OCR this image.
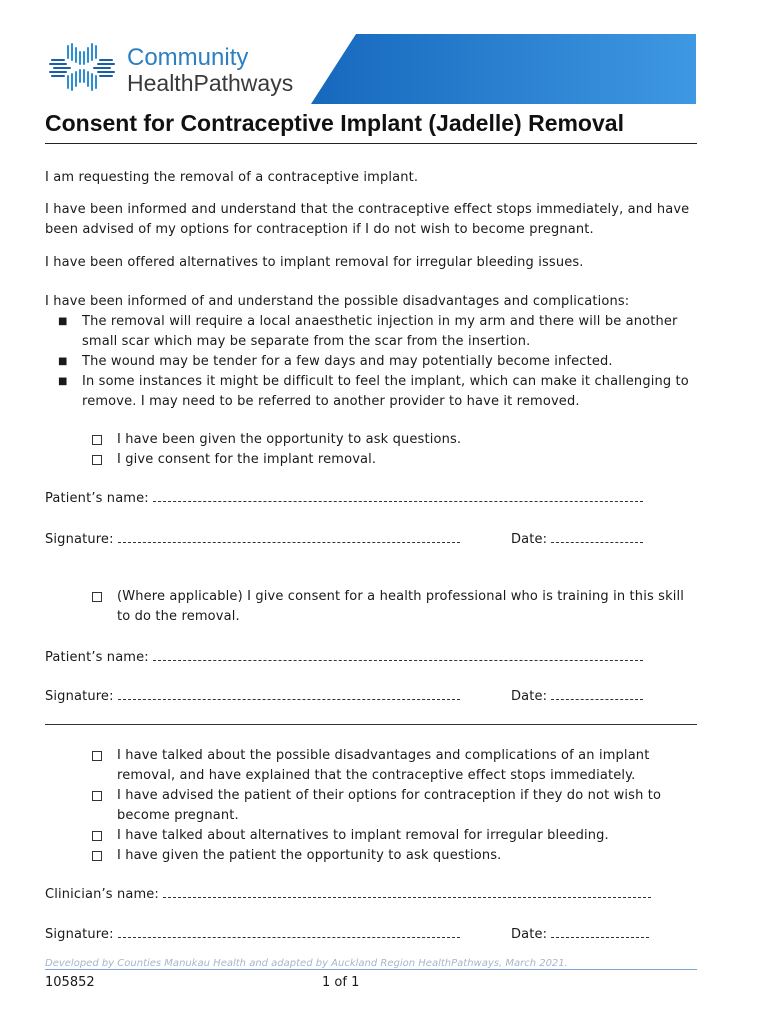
Community
HealthPathways
Consent for Contraceptive Implant (Jadelle) Removal
I am requesting the removal of a contraceptive implant.
I have been informed and understand that the contraceptive effect stops immediately, and have been advised of my options for contraception if I do not wish to become pregnant.
I have been offered alternatives to implant removal for irregular bleeding issues.
I have been informed of and understand the possible disadvantages and complications:
■ The removal will require a local anaesthetic injection in my arm and there will be another small scar which may be separate from the scar from the insertion.
■ The wound may be tender for a few days and may potentially become infected.
■ In some instances it might be difficult to feel the implant, which can make it challenging to remove. I may need to be referred to another provider to have it removed.
I have been given the opportunity to ask questions.
I give consent for the implant removal.
Patient’s name:
Signature:	Date:
(Where applicable) I give consent for a health professional who is training in this skill to do the removal.
Patient’s name:
Signature:	Date:
I have talked about the possible disadvantages and complications of an implant removal, and have explained that the contraceptive effect stops immediately.
I have advised the patient of their options for contraception if they do not wish to become pregnant.
I have talked about alternatives to implant removal for irregular bleeding.
I have given the patient the opportunity to ask questions.
Clinician’s name:
Signature:	Date:
Developed by Counties Manukau Health and adapted by Auckland Region HealthPathways, March 2021.
105852	1 of 1
